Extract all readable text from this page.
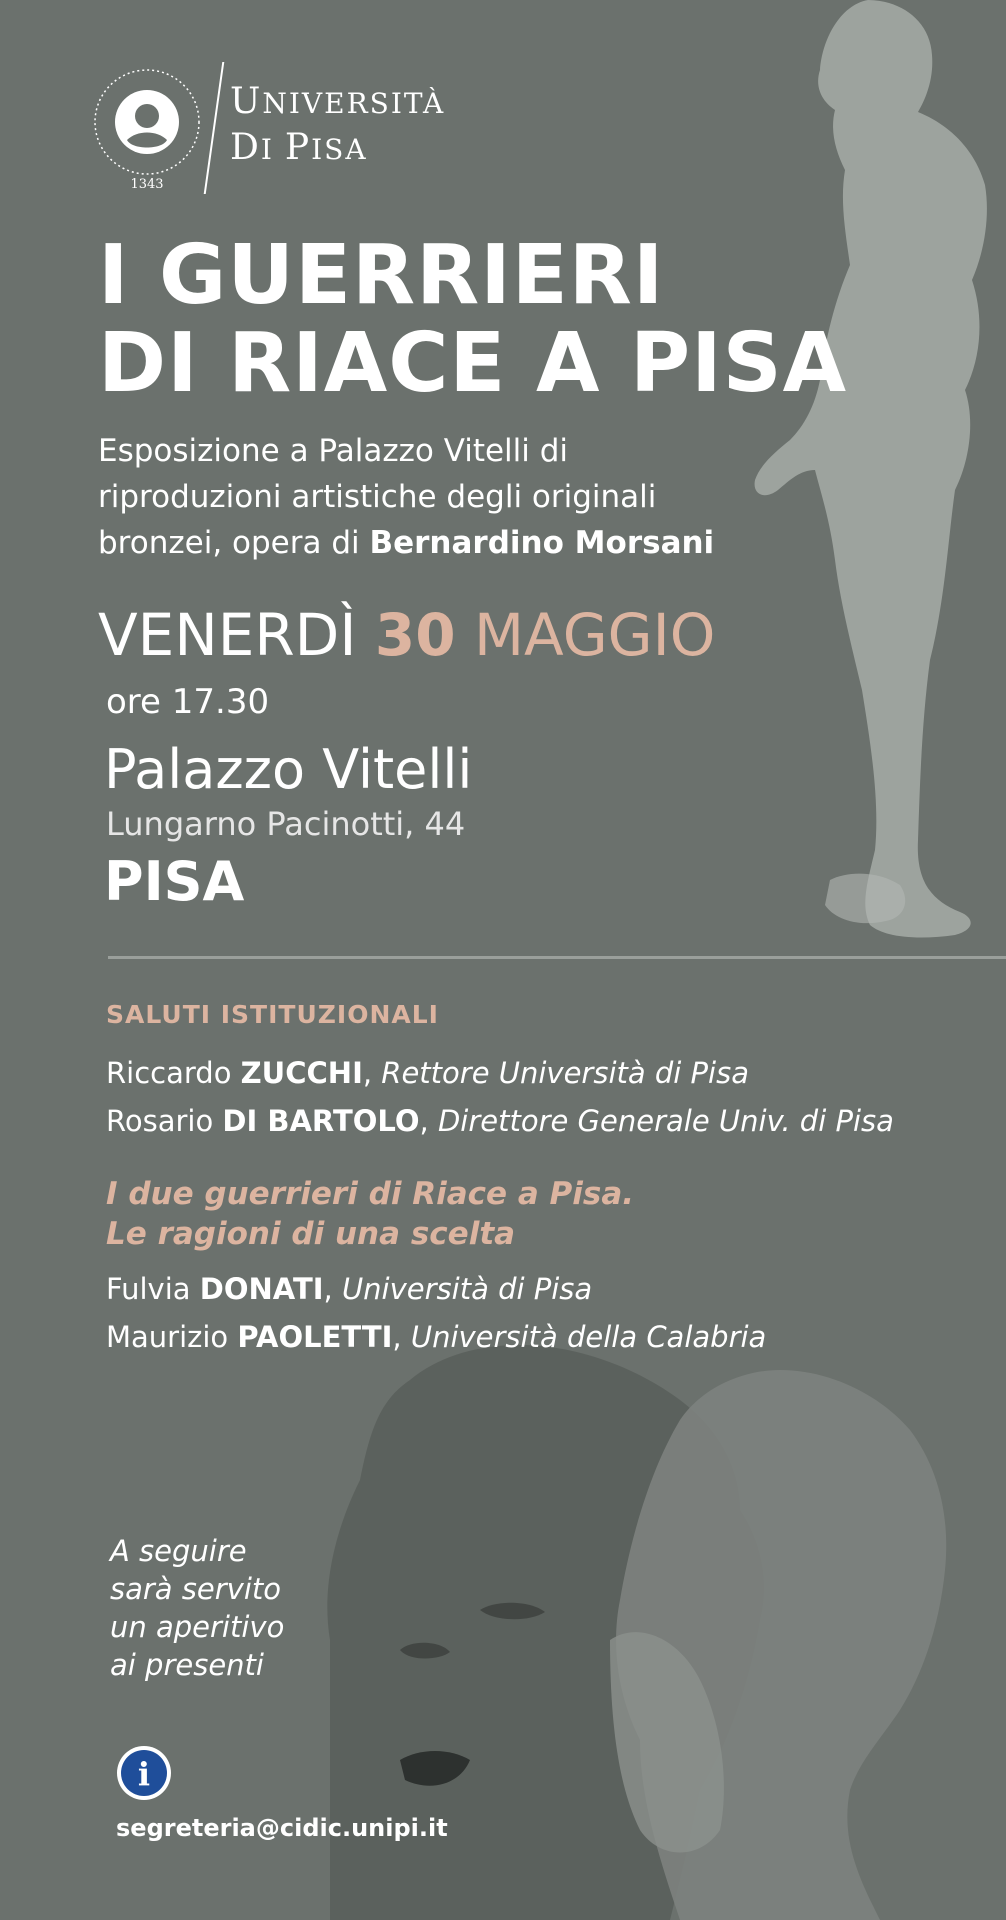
1343
UNIVERSITÀ
DI PISA
I GUERRIERI
DI RIACE A PISA
Esposizione a Palazzo Vitelli di
riproduzioni artistiche degli originali
bronzei, opera di Bernardino Morsani
VENERDÌ 30 MAGGIO
ore 17.30
Palazzo Vitelli
Lungarno Pacinotti, 44
PISA
SALUTI ISTITUZIONALI
Riccardo ZUCCHI, Rettore Università di Pisa
Rosario DI BARTOLO, Direttore Generale Univ. di Pisa
I due guerrieri di Riace a Pisa.
Le ragioni di una scelta
Fulvia DONATI, Università di Pisa
Maurizio PAOLETTI, Università della Calabria
A seguire
sarà servito
un aperitivo
ai presenti
i
segreteria@cidic.unipi.it
